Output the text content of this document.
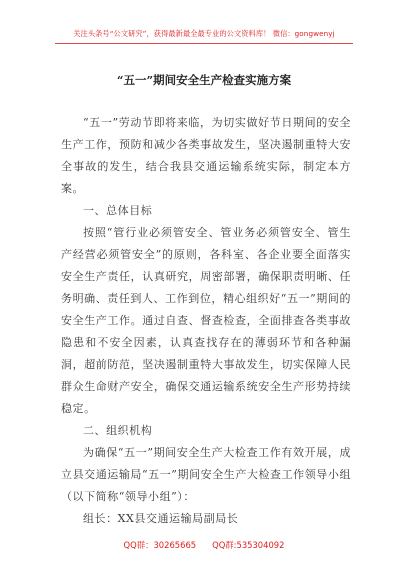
关注头条号“公文研究”，获得最新最全最专业的公文资料库！ 微信：gongwenyj
“五一”期间安全生产检查实施方案

“五一”劳动节即将来临，为切实做好节日期间的安全生产工作，预防和减少各类事故发生，坚决遏制重特大安全事故的发生，结合我县交通运输系统实际，制定本方案。

一、总体目标

按照“管行业必须管安全、管业务必须管安全、管生产经营必须管安全”的原则，各科室、各企业要全面落实安全生产责任，认真研究，周密部署，确保职责明晰、任务明确、责任到人、工作到位，精心组织好“五一”期间的安全生产工作。通过自查、督查检查，全面排查各类事故隐患和不安全因素，认真查找存在的薄弱环节和各种漏洞，超前防范，坚决遏制重特大事故发生，切实保障人民群众生命财产安全，确保交通运输系统安全生产形势持续稳定。

二、组织机构

为确保“五一”期间安全生产大检查工作有效开展，成立县交通运输局“五一”期间安全生产大检查工作领导小组（以下简称“领导小组”）：

组长：XX县交通运输局副局长

QQ群：30265665 QQ群:535304092
